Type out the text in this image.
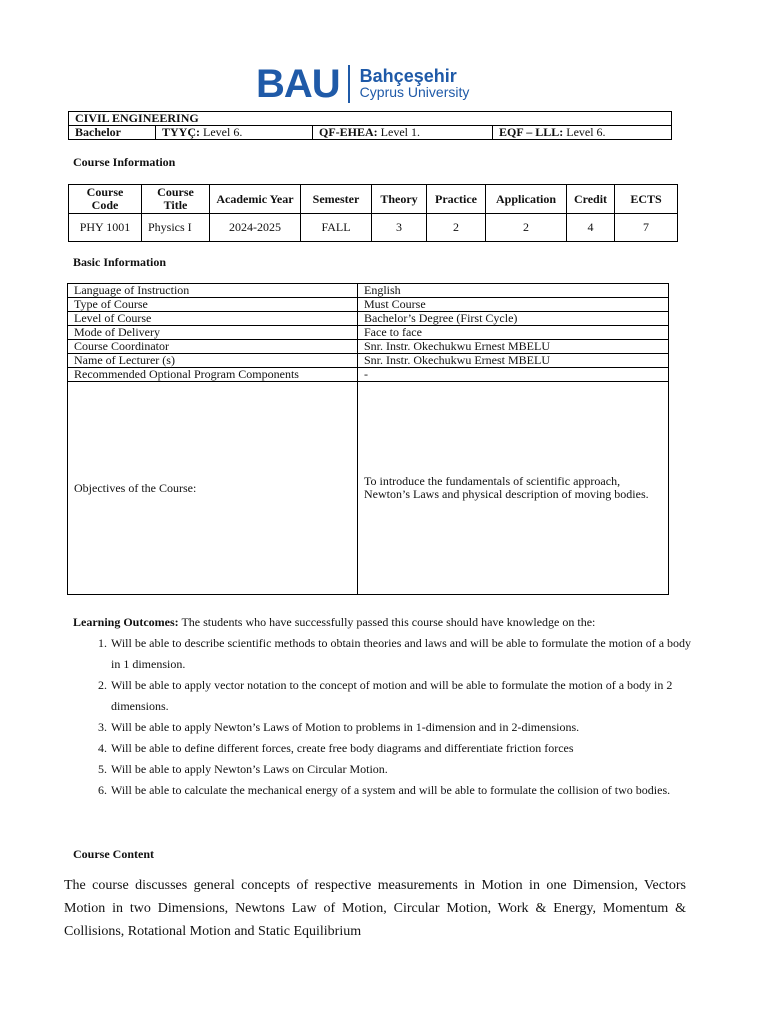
BAU Bahçeşehir
Cyprus University
CIVIL ENGINEERING
Bachelor	TYYÇ: Level 6.	QF-EHEA: Level 1.	EQF – LLL: Level 6.
Course Information
Course Code	Course Title	Academic Year	Semester	Theory	Practice	Application	Credit	ECTS
PHY 1001	Physics I	2024-2025	FALL	3	2	2	4	7
Basic Information
Language of Instruction	English
Type of Course	Must Course
Level of Course	Bachelor’s Degree (First Cycle)
Mode of Delivery	Face to face
Course Coordinator	Snr. Instr. Okechukwu Ernest MBELU
Name of Lecturer (s)	Snr. Instr. Okechukwu Ernest MBELU
Recommended Optional Program Components	-
Objectives of the Course:	To introduce the fundamentals of scientific approach, Newton’s Laws and physical description of moving bodies.
Learning Outcomes: The students who have successfully passed this course should have knowledge on the:
1. Will be able to describe scientific methods to obtain theories and laws and will be able to formulate the motion of a body in 1 dimension.
2. Will be able to apply vector notation to the concept of motion and will be able to formulate the motion of a body in 2 dimensions.
3. Will be able to apply Newton’s Laws of Motion to problems in 1-dimension and in 2-dimensions.
4. Will be able to define different forces, create free body diagrams and differentiate friction forces
5. Will be able to apply Newton’s Laws on Circular Motion.
6. Will be able to calculate the mechanical energy of a system and will be able to formulate the collision of two bodies.
Course Content
The course discusses general concepts of respective measurements in Motion in one Dimension, Vectors Motion in two Dimensions, Newtons Law of Motion, Circular Motion, Work & Energy, Momentum & Collisions, Rotational Motion and Static Equilibrium
